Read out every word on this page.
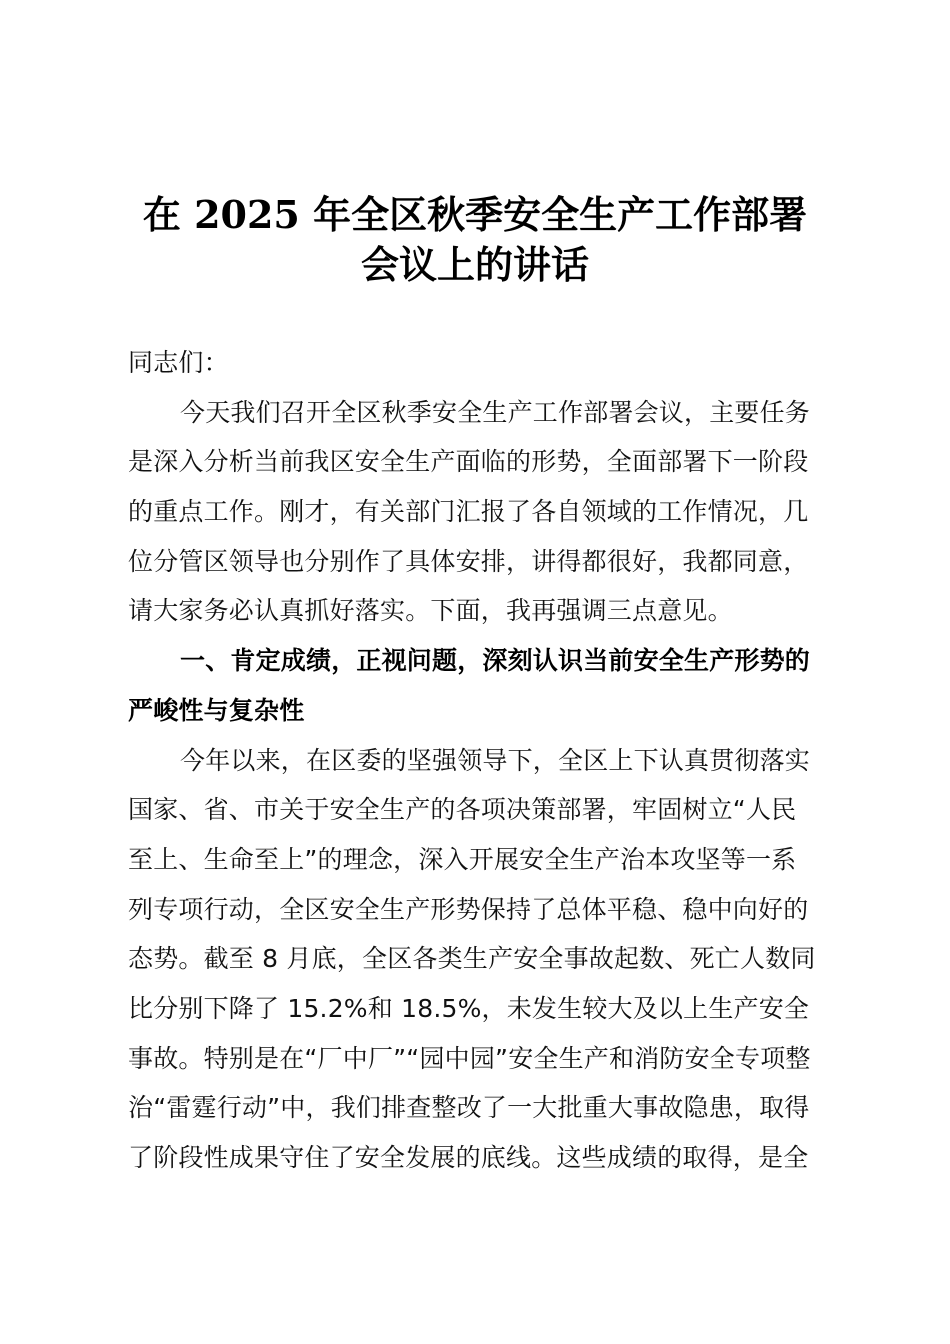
在 2025 年全区秋季安全生产工作部署
会议上的讲话
同志们：
今天我们召开全区秋季安全生产工作部署会议，主要任务
是深入分析当前我区安全生产面临的形势，全面部署下一阶段
的重点工作。刚才，有关部门汇报了各自领域的工作情况，几
位分管区领导也分别作了具体安排，讲得都很好，我都同意，
请大家务必认真抓好落实。下面，我再强调三点意见。
一、肯定成绩，正视问题，深刻认识当前安全生产形势的
严峻性与复杂性
今年以来，在区委的坚强领导下，全区上下认真贯彻落实
国家、省、市关于安全生产的各项决策部署，牢固树立“人民
至上、生命至上”的理念，深入开展安全生产治本攻坚等一系
列专项行动，全区安全生产形势保持了总体平稳、稳中向好的
态势。截至 8 月底，全区各类生产安全事故起数、死亡人数同
比分别下降了 15.2%和 18.5%，未发生较大及以上生产安全
事故。特别是在“厂中厂”“园中园”安全生产和消防安全专项整
治“雷霆行动”中，我们排查整改了一大批重大事故隐患，取得
了阶段性成果守住了安全发展的底线。这些成绩的取得，是全
